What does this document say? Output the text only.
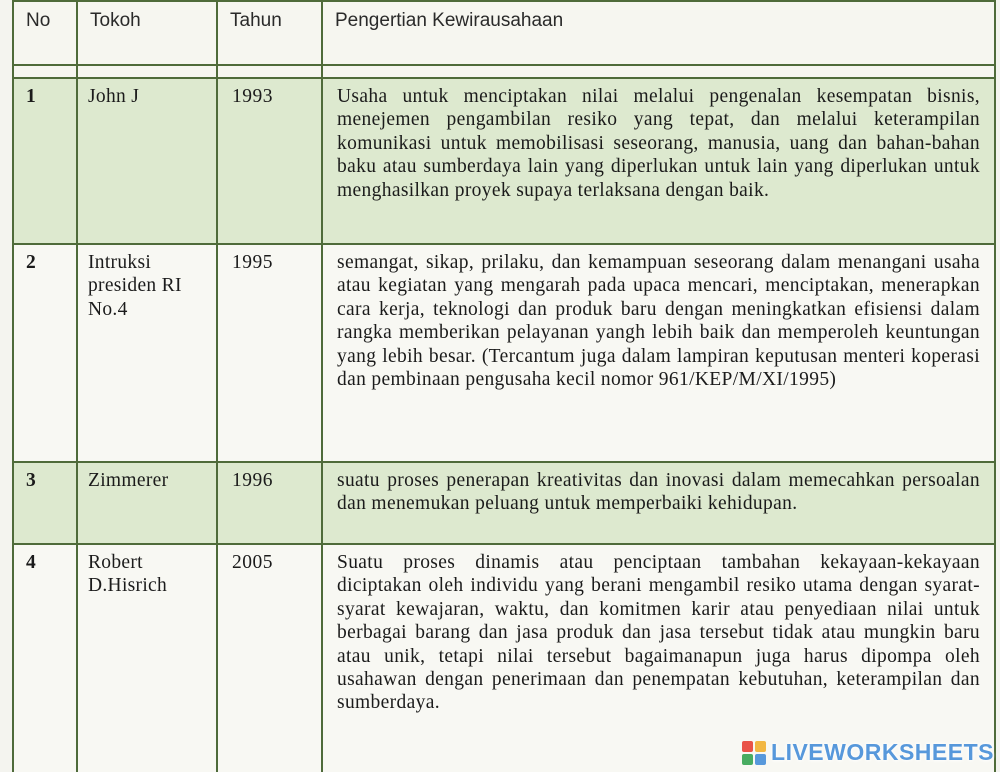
No	Tokoh	Tahun	Pengertian Kewirausahaan

1	John J	1993	Usaha untuk menciptakan nilai melalui pengenalan kesempatan bisnis, menejemen pengambilan resiko yang tepat, dan melalui keterampilan komunikasi untuk memobilisasi seseorang, manusia, uang dan bahan-bahan baku atau sumberdaya lain yang diperlukan untuk lain yang diperlukan untuk menghasilkan proyek supaya terlaksana dengan baik.
2	Intruksi presiden RI No.4	1995	semangat, sikap, prilaku, dan kemampuan seseorang dalam menangani usaha atau kegiatan yang mengarah pada upaca mencari, menciptakan, menerapkan cara kerja, teknologi dan produk baru dengan meningkatkan efisiensi dalam rangka memberikan pelayanan yangh lebih baik dan memperoleh keuntungan yang lebih besar. (Tercantum juga dalam lampiran keputusan menteri koperasi dan pembinaan pengusaha kecil nomor 961/KEP/M/XI/1995)
3	Zimmerer	1996	suatu proses penerapan kreativitas dan inovasi dalam memecahkan persoalan dan menemukan peluang untuk memperbaiki kehidupan.
4	Robert D.Hisrich	2005	Suatu proses dinamis atau penciptaan tambahan kekayaan-kekayaan diciptakan oleh individu yang berani mengambil resiko utama dengan syarat-syarat kewajaran, waktu, dan komitmen karir atau penyediaan nilai untuk berbagai barang dan jasa produk dan jasa tersebut tidak atau mungkin baru atau unik, tetapi nilai tersebut bagaimanapun juga harus dipompa oleh usahawan dengan penerimaan dan penempatan kebutuhan, keterampilan dan sumberdaya.
LIVEWORKSHEETS
